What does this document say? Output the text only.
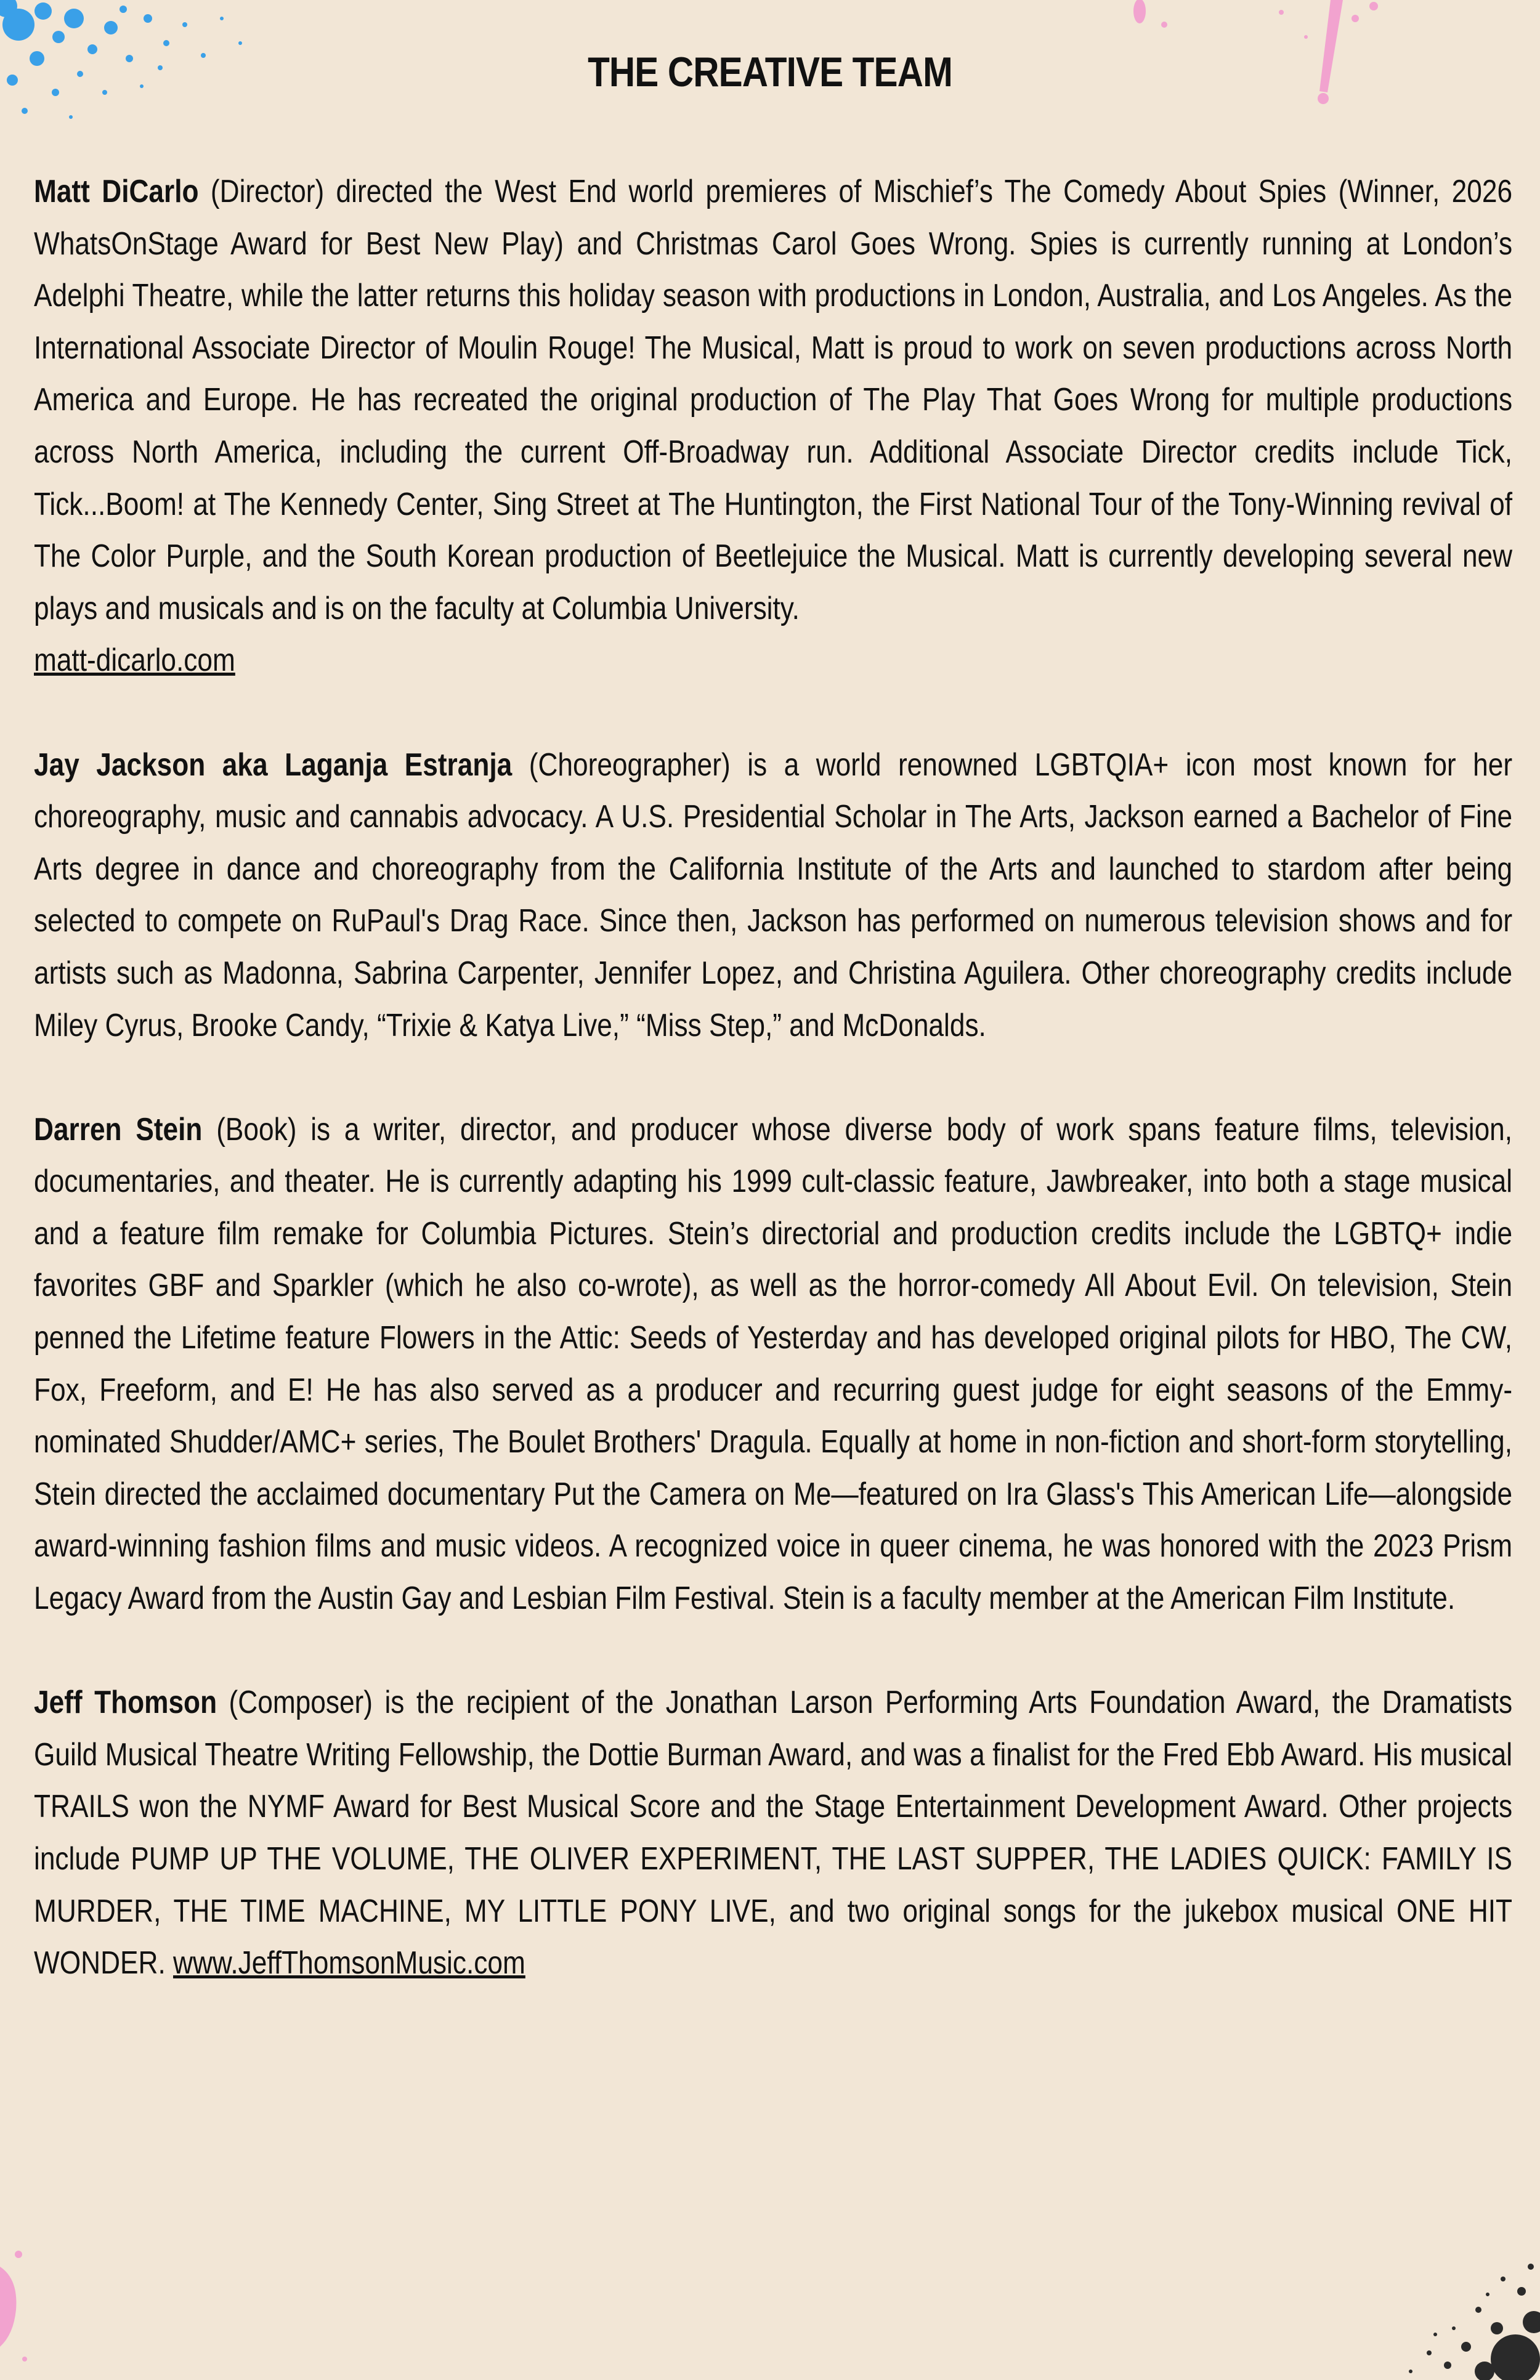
THE CREATIVE TEAM

Matt DiCarlo (Director) directed the West End world premieres of Mischief’s The Comedy About Spies (Winner, 2026 WhatsOnStage Award for Best New Play) and Christmas Carol Goes Wrong. Spies is currently running at London’s Adelphi Theatre, while the latter returns this holiday season with productions in London, Australia, and Los Angeles. As the International Associate Director of Moulin Rouge! The Musical, Matt is proud to work on seven productions across North America and Europe. He has recreated the original production of The Play That Goes Wrong for multiple productions across North America, including the current Off-Broadway run. Additional Associate Director credits include Tick, Tick...Boom! at The Kennedy Center, Sing Street at The Huntington, the First National Tour of the Tony-Winning revival of The Color Purple, and the South Korean production of Beetlejuice the Musical. Matt is currently developing several new plays and musicals and is on the faculty at Columbia University.
matt-dicarlo.com

Jay Jackson aka Laganja Estranja (Choreographer) is a world renowned LGBTQIA+ icon most known for her choreography, music and cannabis advocacy. A U.S. Presidential Scholar in The Arts, Jackson earned a Bachelor of Fine Arts degree in dance and choreography from the California Institute of the Arts and launched to stardom after being selected to compete on RuPaul's Drag Race. Since then, Jackson has performed on numerous television shows and for artists such as Madonna, Sabrina Carpenter, Jennifer Lopez, and Christina Aguilera. Other choreography credits include Miley Cyrus, Brooke Candy, “Trixie & Katya Live,” “Miss Step,” and McDonalds.

Darren Stein (Book) is a writer, director, and producer whose diverse body of work spans feature films, television, documentaries, and theater. He is currently adapting his 1999 cult-classic feature, Jawbreaker, into both a stage musical and a feature film remake for Columbia Pictures. Stein’s directorial and production credits include the LGBTQ+ indie favorites GBF and Sparkler (which he also co-wrote), as well as the horror-comedy All About Evil. On television, Stein penned the Lifetime feature Flowers in the Attic: Seeds of Yesterday and has developed original pilots for HBO, The CW, Fox, Freeform, and E! He has also served as a producer and recurring guest judge for eight seasons of the Emmy-nominated Shudder/AMC+ series, The Boulet Brothers' Dragula. Equally at home in non-fiction and short-form storytelling, Stein directed the acclaimed documentary Put the Camera on Me—featured on Ira Glass's This American Life—alongside award-winning fashion films and music videos. A recognized voice in queer cinema, he was honored with the 2023 Prism Legacy Award from the Austin Gay and Lesbian Film Festival. Stein is a faculty member at the American Film Institute.

Jeff Thomson (Composer) is the recipient of the Jonathan Larson Performing Arts Foundation Award, the Dramatists Guild Musical Theatre Writing Fellowship, the Dottie Burman Award, and was a finalist for the Fred Ebb Award. His musical TRAILS won the NYMF Award for Best Musical Score and the Stage Entertainment Development Award. Other projects include PUMP UP THE VOLUME, THE OLIVER EXPERIMENT, THE LAST SUPPER, THE LADIES QUICK: FAMILY IS MURDER, THE TIME MACHINE, MY LITTLE PONY LIVE, and two original songs for the jukebox musical ONE HIT WONDER. www.JeffThomsonMusic.com
